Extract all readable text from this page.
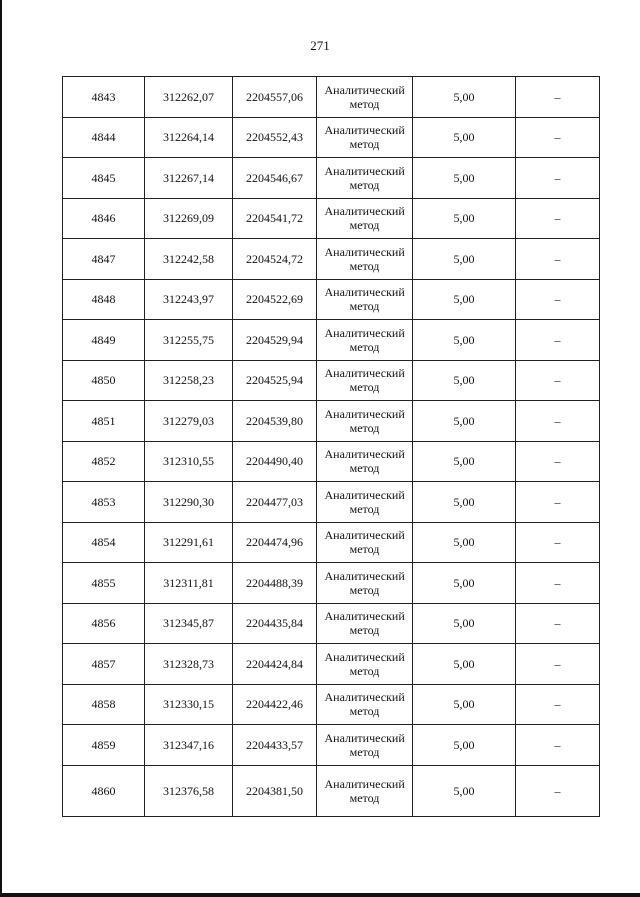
271
4843	312262,07	2204557,06	Аналитический метод	5,00	–
4844	312264,14	2204552,43	Аналитический метод	5,00	–
4845	312267,14	2204546,67	Аналитический метод	5,00	–
4846	312269,09	2204541,72	Аналитический метод	5,00	–
4847	312242,58	2204524,72	Аналитический метод	5,00	–
4848	312243,97	2204522,69	Аналитический метод	5,00	–
4849	312255,75	2204529,94	Аналитический метод	5,00	–
4850	312258,23	2204525,94	Аналитический метод	5,00	–
4851	312279,03	2204539,80	Аналитический метод	5,00	–
4852	312310,55	2204490,40	Аналитический метод	5,00	–
4853	312290,30	2204477,03	Аналитический метод	5,00	–
4854	312291,61	2204474,96	Аналитический метод	5,00	–
4855	312311,81	2204488,39	Аналитический метод	5,00	–
4856	312345,87	2204435,84	Аналитический метод	5,00	–
4857	312328,73	2204424,84	Аналитический метод	5,00	–
4858	312330,15	2204422,46	Аналитический метод	5,00	–
4859	312347,16	2204433,57	Аналитический метод	5,00	–
4860	312376,58	2204381,50	Аналитический метод	5,00	–
